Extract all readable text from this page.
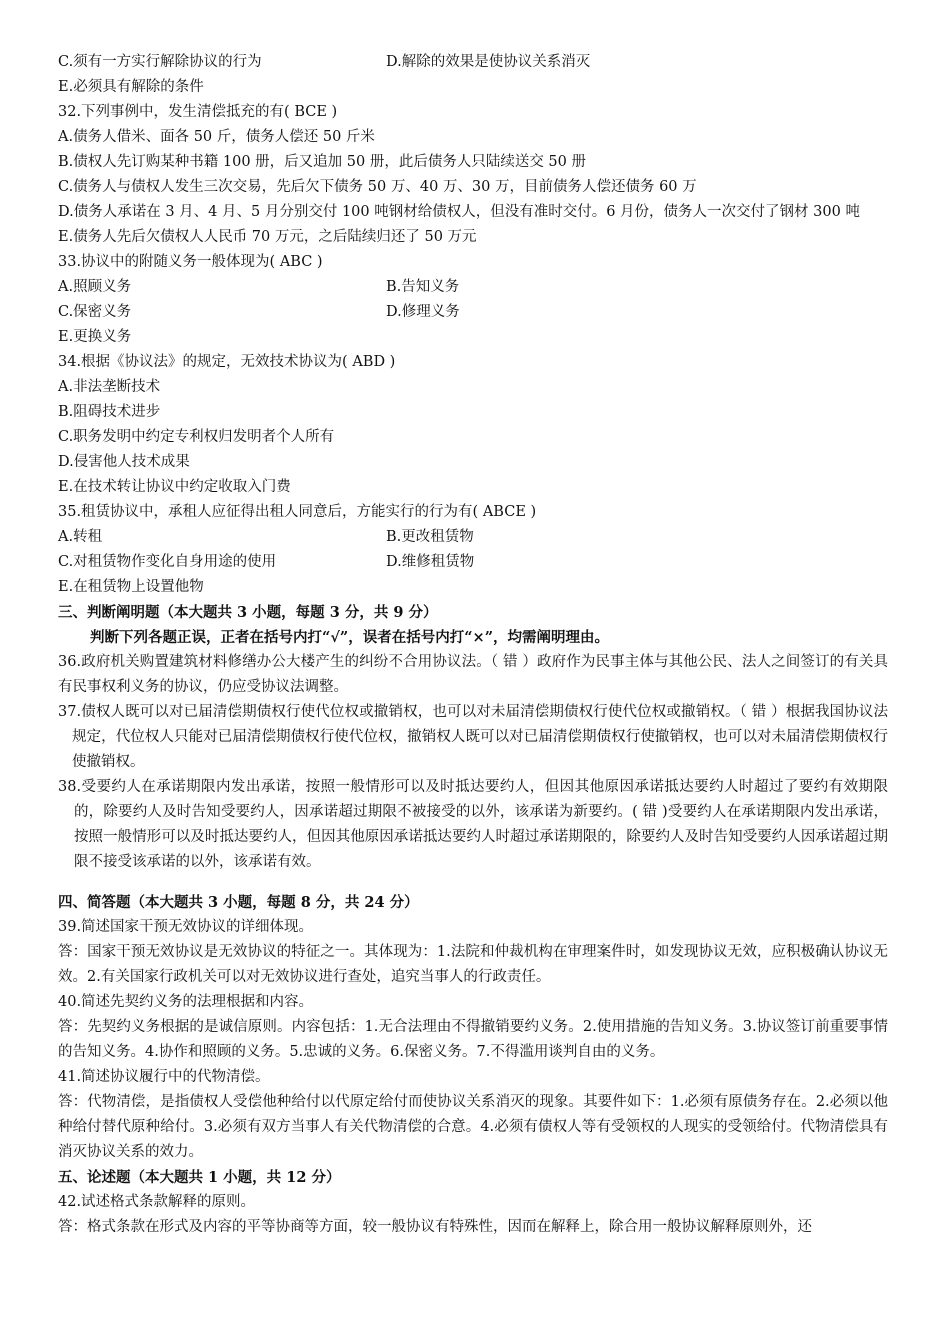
C.须有一方实行解除协议的行为	D.解除的效果是使协议关系消灭
E.必须具有解除的条件
32.下列事例中，发生清偿抵充的有( BCE )
A.债务人借米、面各 50 斤，债务人偿还 50 斤米
B.债权人先订购某种书籍 100 册，后又追加 50 册，此后债务人只陆续送交 50 册
C.债务人与债权人发生三次交易，先后欠下债务 50 万、40 万、30 万，目前债务人偿还债务 60 万
D.债务人承诺在 3 月、4 月、5 月分别交付 100 吨钢材给债权人，但没有准时交付。6 月份，债务人一次交付了钢材 300 吨
E.债务人先后欠债权人人民币 70 万元，之后陆续归还了 50 万元
33.协议中的附随义务一般体现为( ABC )
A.照顾义务	B.告知义务
C.保密义务	D.修理义务
E.更换义务
34.根据《协议法》的规定，无效技术协议为( ABD )
A.非法垄断技术
B.阻碍技术进步
C.职务发明中约定专利权归发明者个人所有
D.侵害他人技术成果
E.在技术转让协议中约定收取入门费
35.租赁协议中，承租人应征得出租人同意后，方能实行的行为有( ABCE )
A.转租	B.更改租赁物
C.对租赁物作变化自身用途的使用	D.维修租赁物
E.在租赁物上设置他物
三、判断阐明题（本大题共 3 小题，每题 3 分，共 9 分）
判断下列各题正误，正者在括号内打“√”，误者在括号内打“×”，均需阐明理由。
36.政府机关购置建筑材料修缮办公大楼产生的纠纷不合用协议法。（ 错 ）政府作为民事主体与其他公民、法人之间签订的有关具有民事权利义务的协议，仍应受协议法调整。
37.债权人既可以对已届清偿期债权行使代位权或撤销权，也可以对未届清偿期债权行使代位权或撤销权。（ 错 ）根据我国协议法规定，代位权人只能对已届清偿期债权行使代位权，撤销权人既可以对已届清偿期债权行使撤销权，也可以对未届清偿期债权行使撤销权。
38.受要约人在承诺期限内发出承诺，按照一般情形可以及时抵达要约人，但因其他原因承诺抵达要约人时超过了要约有效期限的，除要约人及时告知受要约人，因承诺超过期限不被接受的以外，该承诺为新要约。( 错 )受要约人在承诺期限内发出承诺，按照一般情形可以及时抵达要约人，但因其他原因承诺抵达要约人时超过承诺期限的，除要约人及时告知受要约人因承诺超过期限不接受该承诺的以外，该承诺有效。
四、简答题（本大题共 3 小题，每题 8 分，共 24 分）
39.简述国家干预无效协议的详细体现。
答：国家干预无效协议是无效协议的特征之一。其体现为：1.法院和仲裁机构在审理案件时，如发现协议无效，应积极确认协议无效。2.有关国家行政机关可以对无效协议进行查处，追究当事人的行政责任。
40.简述先契约义务的法理根据和内容。
答：先契约义务根据的是诚信原则。内容包括：1.无合法理由不得撤销要约义务。2.使用措施的告知义务。3.协议签订前重要事情的告知义务。4.协作和照顾的义务。5.忠诚的义务。6.保密义务。7.不得滥用谈判自由的义务。
41.简述协议履行中的代物清偿。
答：代物清偿，是指债权人受偿他种给付以代原定给付而使协议关系消灭的现象。其要件如下：1.必须有原债务存在。2.必须以他种给付替代原种给付。3.必须有双方当事人有关代物清偿的合意。4.必须有债权人等有受领权的人现实的受领给付。代物清偿具有消灭协议关系的效力。
五、论述题（本大题共 1 小题，共 12 分）
42.试述格式条款解释的原则。
答：格式条款在形式及内容的平等协商等方面，较一般协议有特殊性，因而在解释上，除合用一般协议解释原则外，还
